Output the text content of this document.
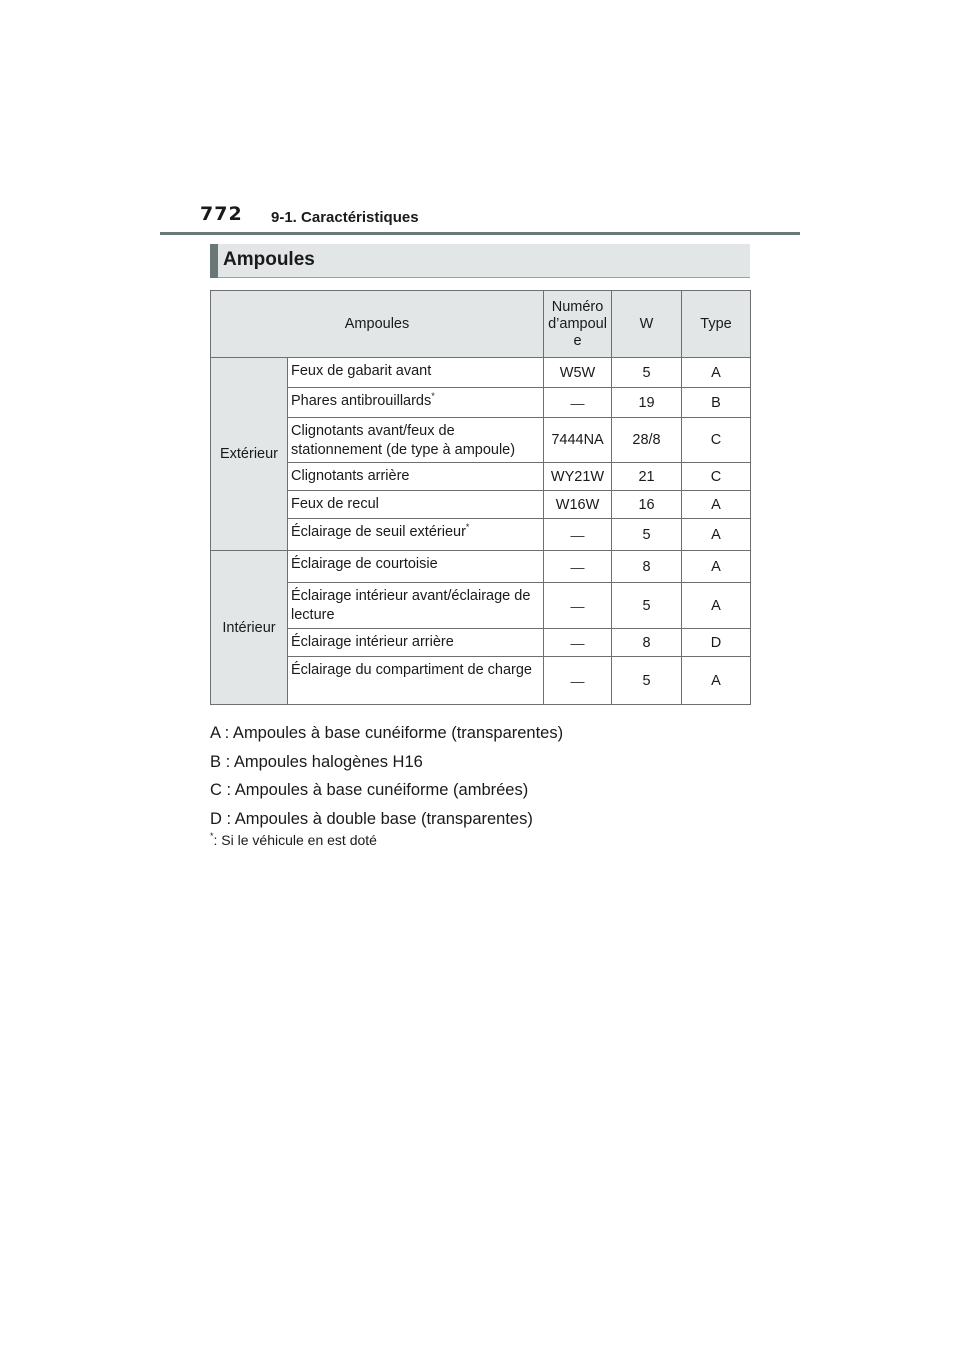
772 9-1. Caractéristiques
Ampoules
Ampoules		Numéro d’ampoule	W	Type
Extérieur	Feux de gabarit avant	W5W	5	A
	Phares antibrouillards*	—	19	B
	Clignotants avant/feux de stationnement (de type à ampoule)	7444NA	28/8	C
	Clignotants arrière	WY21W	21	C
	Feux de recul	W16W	16	A
	Éclairage de seuil extérieur*	—	5	A
Intérieur	Éclairage de courtoisie	—	8	A
	Éclairage intérieur avant/éclairage de lecture	—	5	A
	Éclairage intérieur arrière	—	8	D
	Éclairage du compartiment de charge	—	5	A
A : Ampoules à base cunéiforme (transparentes)
B : Ampoules halogènes H16
C : Ampoules à base cunéiforme (ambrées)
D : Ampoules à double base (transparentes)
*: Si le véhicule en est doté
